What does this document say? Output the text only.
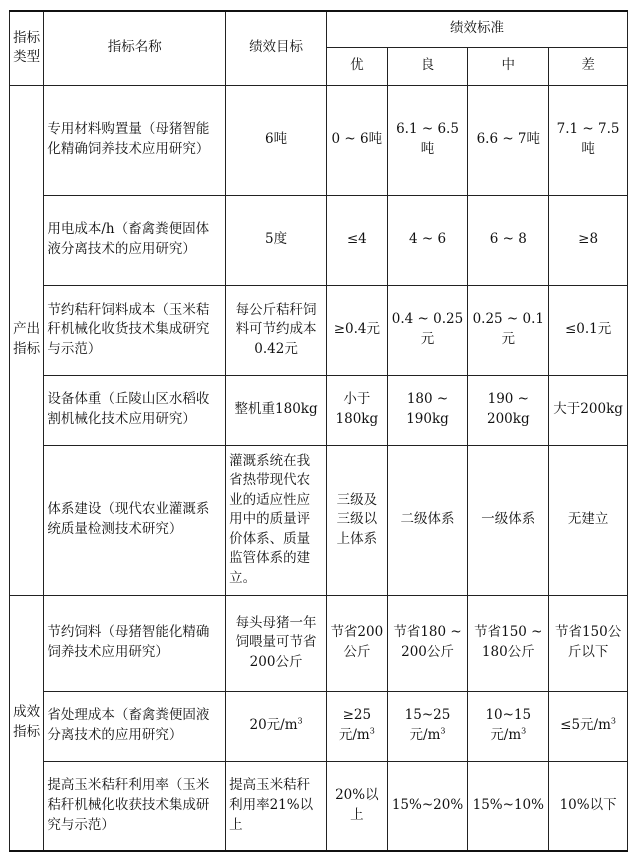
指标类型	指标名称	绩效目标	绩效标准			
			优	良	中	差
产出指标	专用材料购置量（母猪智能化精确饲养技术应用研究）	6吨	0 ~ 6吨	6.1 ~ 6.5吨	6.6 ~ 7吨	7.1 ~ 7.5吨
	用电成本/h（畜禽粪便固体液分离技术的应用研究）	5度	≤4	4 ~ 6	6 ~ 8	≥8
	节约秸秆饲料成本（玉米秸秆机械化收货技术集成研究与示范）	每公斤秸秆饲料可节约成本0.42元	≥0.4元	0.4 ~ 0.25元	0.25 ~ 0.1元	≤0.1元
	设备体重（丘陵山区水稻收割机械化技术应用研究）	整机重180kg	小于180kg	180 ~ 190kg	190 ~ 200kg	大于200kg
	体系建设（现代农业灌溉系统质量检测技术研究）	灌溉系统在我省热带现代农业的适应性应用中的质量评价体系、质量监管体系的建立。	三级及三级以上体系	二级体系	一级体系	无建立
成效指标	节约饲料（母猪智能化精确饲养技术应用研究）	每头母猪一年饲喂量可节省200公斤	节省200公斤	节省180 ~ 200公斤	节省150 ~ 180公斤	节省150公斤以下
	省处理成本（畜禽粪便固液分离技术的应用研究）	20元$/m^3$	≥25元$/m^3$	15~25元$/m^3$	10~15元$/m^3$	≤5元$/m^3$
	提高玉米秸秆利用率（玉米秸秆机械化收获技术集成研究与示范）	提高玉米秸秆利用率21%以上	20%以上	15%~20%	15%~10%	10%以下
